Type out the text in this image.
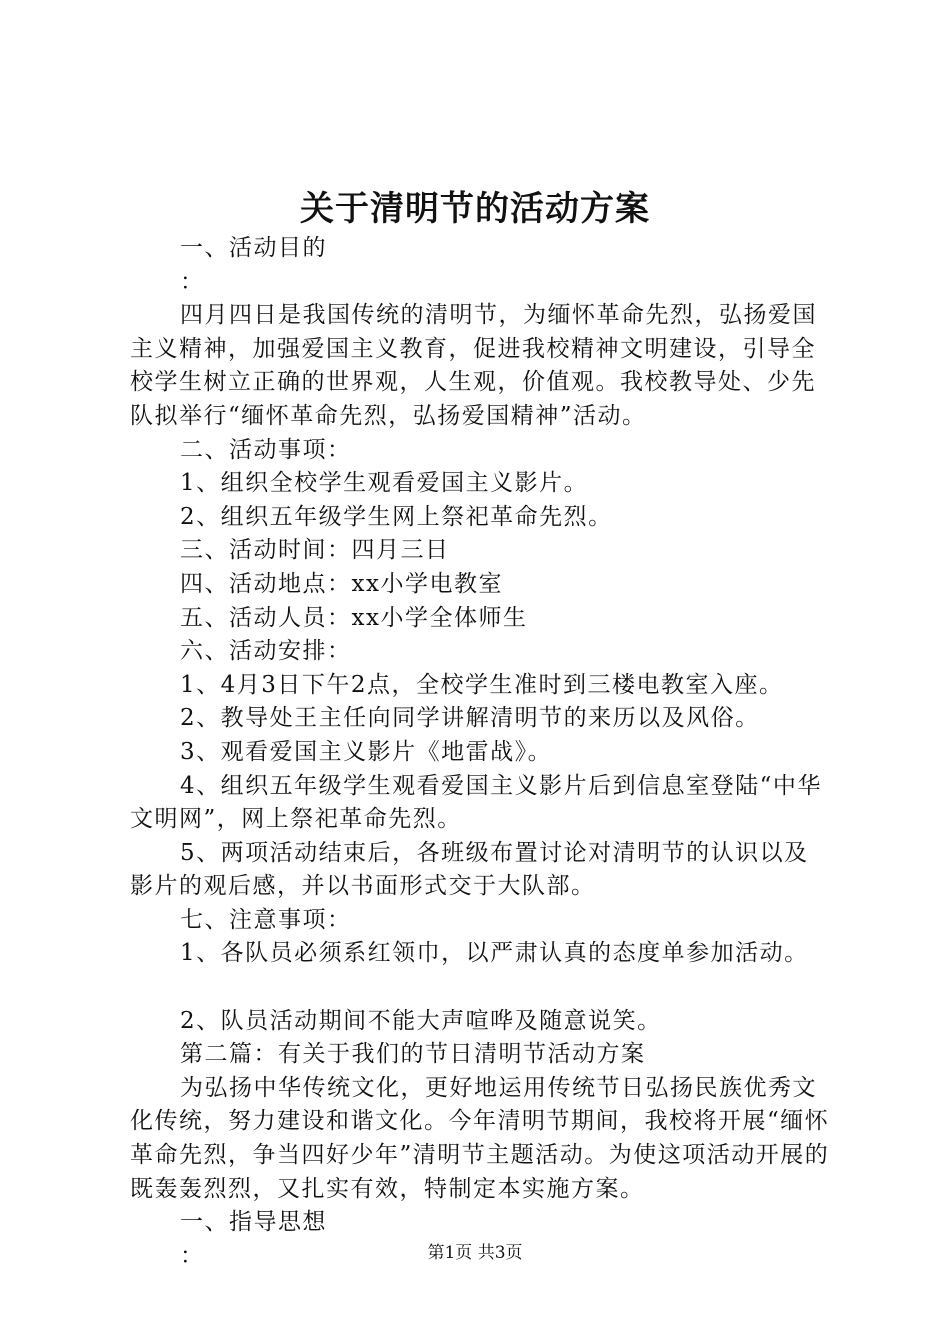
关于清明节的活动方案

一、活动目的

：

四月四日是我国传统的清明节，为缅怀革命先烈，弘扬爱国主义精神，加强爱国主义教育，促进我校精神文明建设，引导全校学生树立正确的世界观，人生观，价值观。我校教导处、少先队拟举行“缅怀革命先烈，弘扬爱国精神”活动。

二、活动事项：

1、组织全校学生观看爱国主义影片。

2、组织五年级学生网上祭祀革命先烈。

三、活动时间：四月三日

四、活动地点：xx小学电教室

五、活动人员：xx小学全体师生

六、活动安排：

1、4月3日下午2点，全校学生准时到三楼电教室入座。

2、教导处王主任向同学讲解清明节的来历以及风俗。

3、观看爱国主义影片《地雷战》。

4、组织五年级学生观看爱国主义影片后到信息室登陆“中华文明网”，网上祭祀革命先烈。

5、两项活动结束后，各班级布置讨论对清明节的认识以及影片的观后感，并以书面形式交于大队部。

七、注意事项：

1、各队员必须系红领巾，以严肃认真的态度单参加活动。

2、队员活动期间不能大声喧哗及随意说笑。

第二篇：有关于我们的节日清明节活动方案

为弘扬中华传统文化，更好地运用传统节日弘扬民族优秀文化传统，努力建设和谐文化。今年清明节期间，我校将开展“缅怀革命先烈，争当四好少年”清明节主题活动。为使这项活动开展的既轰轰烈烈，又扎实有效，特制定本实施方案。

一、指导思想

：	第1页 共3页
